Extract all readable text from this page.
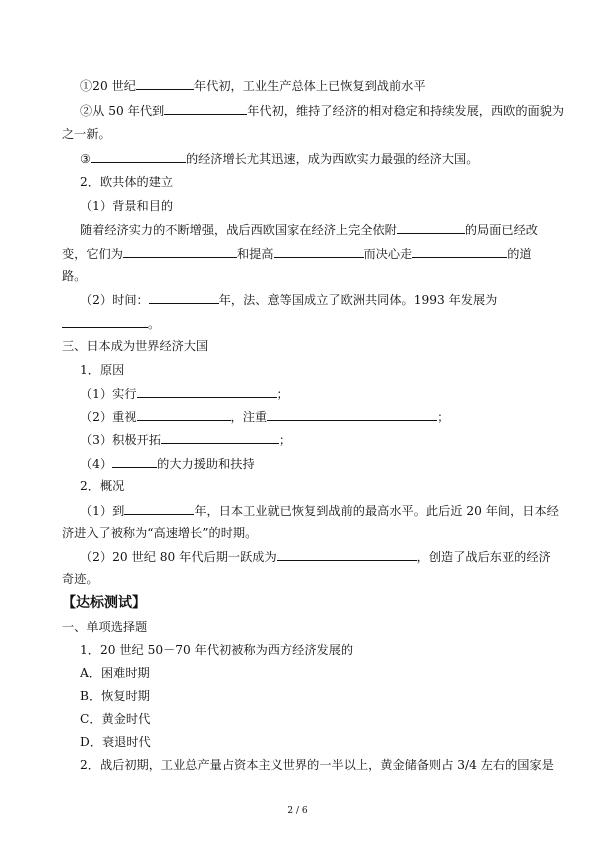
①20 世纪	年代初，工业生产总体上已恢复到战前水平
②从 50 年代到	年代初，维持了经济的相对稳定和持续发展，西欧的面貌为
之一新。
③	的经济增长尤其迅速，成为西欧实力最强的经济大国。
2．欧共体的建立
（1）背景和目的
随着经济实力的不断增强，战后西欧国家在经济上完全依附	的局面已经改
变，它们为	和提高	而决心走	的道
路。
（2）时间：	年，法、意等国成立了欧洲共同体。1993 年发展为
。
三、日本成为世界经济大国
1．原因
（1）实行	；
（2）重视	，注重	；
（3）积极开拓	；
（4）	的大力援助和扶持
2．概况
（1）到	年，日本工业就已恢复到战前的最高水平。此后近 20 年间，日本经
济进入了被称为“高速增长”的时期。
（2）20 世纪 80 年代后期一跃成为	，创造了战后东亚的经济
奇迹。
【达标测试】
一、单项选择题
1．20 世纪 50－70 年代初被称为西方经济发展的
A．困难时期
B．恢复时期
C．黄金时代
D．衰退时代
2．战后初期，工业总产量占资本主义世界的一半以上，黄金储备则占 3/4 左右的国家是
2 / 6
